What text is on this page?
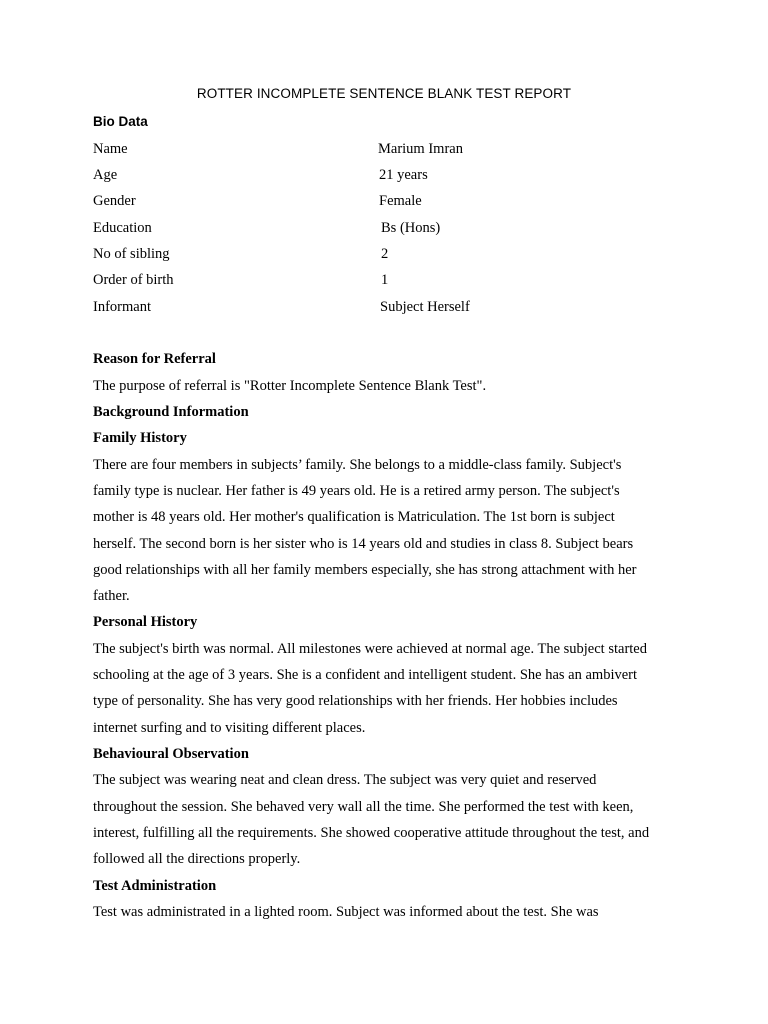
ROTTER INCOMPLETE SENTENCE BLANK TEST REPORT
Bio Data
Name	Marium Imran
Age	21 years
Gender	Female
Education	Bs (Hons)
No of sibling	2
Order of birth	1
Informant	Subject Herself
Reason for Referral
The purpose of referral is "Rotter Incomplete Sentence Blank Test".
Background Information
Family History
There are four members in subjects’ family. She belongs to a middle-class family. Subject's
family type is nuclear. Her father is 49 years old. He is a retired army person. The subject's
mother is 48 years old. Her mother's qualification is Matriculation. The 1st born is subject
herself. The second born is her sister who is 14 years old and studies in class 8. Subject bears
good relationships with all her family members especially, she has strong attachment with her
father.
Personal History
The subject's birth was normal. All milestones were achieved at normal age. The subject started
schooling at the age of 3 years. She is a confident and intelligent student. She has an ambivert
type of personality. She has very good relationships with her friends. Her hobbies includes
internet surfing and to visiting different places.
Behavioural Observation
The subject was wearing neat and clean dress. The subject was very quiet and reserved
throughout the session. She behaved very wall all the time. She performed the test with keen,
interest, fulfilling all the requirements. She showed cooperative attitude throughout the test, and
followed all the directions properly.
Test Administration
Test was administrated in a lighted room. Subject was informed about the test. She was
